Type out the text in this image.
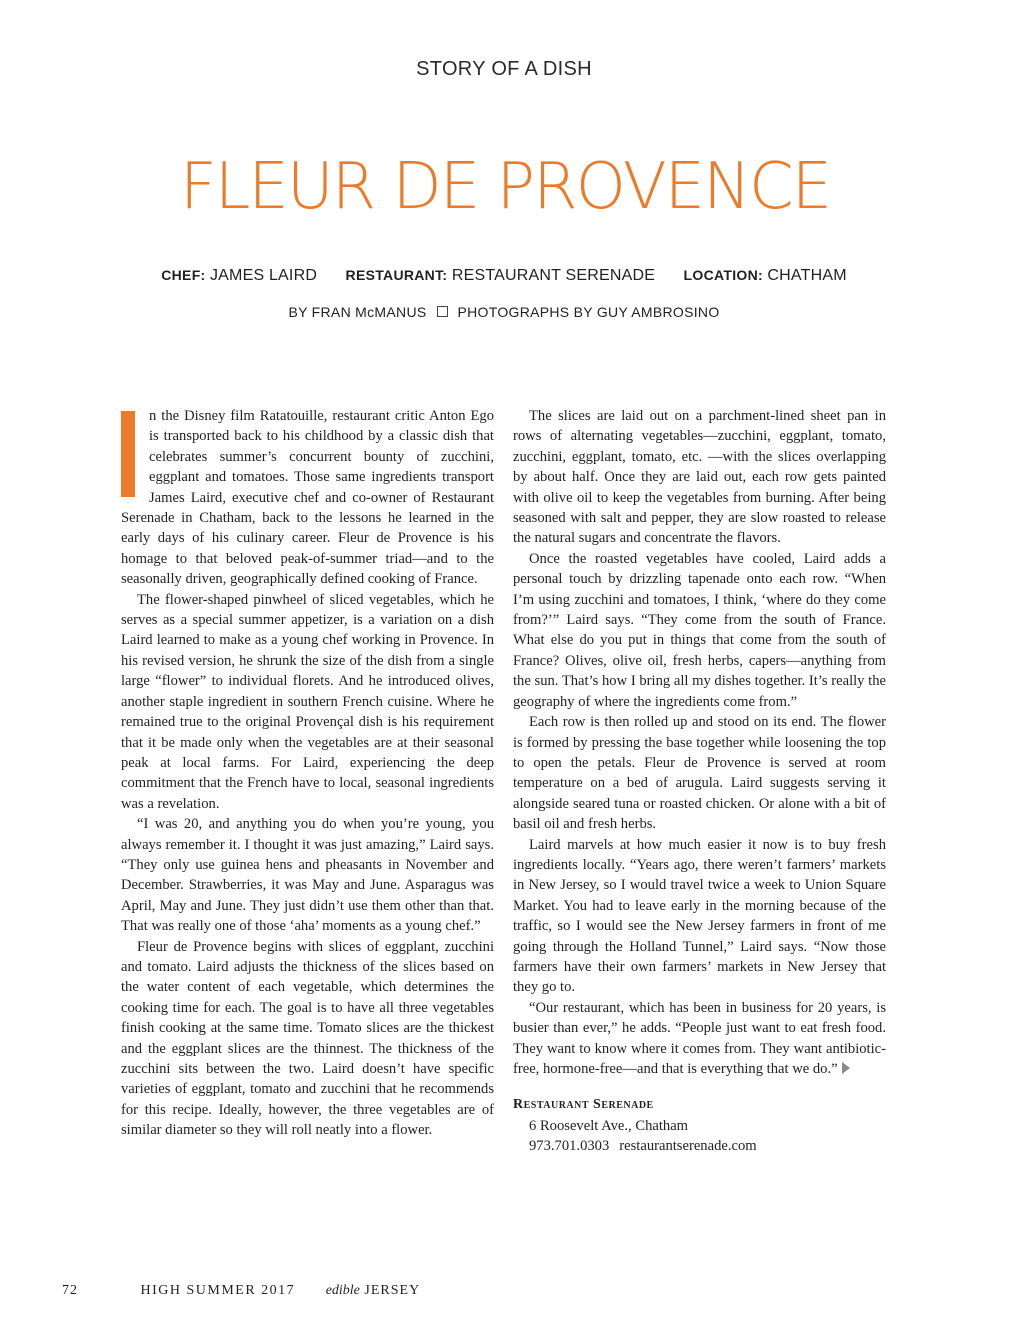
STORY OF A DISH
FLEUR DE PROVENCE
CHEF: JAMES LAIRD RESTAURANT: RESTAURANT SERENADE LOCATION: CHATHAM
BY FRAN McMANUS PHOTOGRAPHS BY GUY AMBROSINO

n the Disney film Ratatouille, restaurant critic Anton Ego is transported back to his childhood by a classic dish that celebrates summer’s concurrent bounty of zucchini, eggplant and tomatoes. Those same ingredients transport James Laird, executive chef and co-owner of Restaurant Serenade in Chatham, back to the lessons he learned in the early days of his culinary career. Fleur de Provence is his homage to that beloved peak-of-summer triad—and to the seasonally driven, geographically defined cooking of France.

The flower-shaped pinwheel of sliced vegetables, which he serves as a special summer appetizer, is a variation on a dish Laird learned to make as a young chef working in Provence. In his revised version, he shrunk the size of the dish from a single large “flower” to individual florets. And he introduced olives, another staple ingredient in southern French cuisine. Where he remained true to the original Provençal dish is his requirement that it be made only when the vegetables are at their seasonal peak at local farms. For Laird, experiencing the deep commitment that the French have to local, seasonal ingredients was a revelation.

“I was 20, and anything you do when you’re young, you always remember it. I thought it was just amazing,” Laird says. “They only use guinea hens and pheasants in November and December. Strawberries, it was May and June. Asparagus was April, May and June. They just didn’t use them other than that. That was really one of those ‘aha’ moments as a young chef.”

Fleur de Provence begins with slices of eggplant, zucchini and tomato. Laird adjusts the thickness of the slices based on the water content of each vegetable, which determines the cooking time for each. The goal is to have all three vegetables finish cooking at the same time. Tomato slices are the thickest and the eggplant slices are the thinnest. The thickness of the zucchini sits between the two. Laird doesn’t have specific varieties of eggplant, tomato and zucchini that he recommends for this recipe. Ideally, however, the three vegetables are of similar diameter so they will roll neatly into a flower.

The slices are laid out on a parchment-lined sheet pan in rows of alternating vegetables—zucchini, eggplant, tomato, zucchini, eggplant, tomato, etc. —with the slices overlapping by about half. Once they are laid out, each row gets painted with olive oil to keep the vegetables from burning. After being seasoned with salt and pepper, they are slow roasted to release the natural sugars and concentrate the flavors.

Once the roasted vegetables have cooled, Laird adds a personal touch by drizzling tapenade onto each row. “When I’m using zucchini and tomatoes, I think, ‘where do they come from?’” Laird says. “They come from the south of France. What else do you put in things that come from the south of France? Olives, olive oil, fresh herbs, capers—anything from the sun. That’s how I bring all my dishes together. It’s really the geography of where the ingredients come from.”

Each row is then rolled up and stood on its end. The flower is formed by pressing the base together while loosening the top to open the petals. Fleur de Provence is served at room temperature on a bed of arugula. Laird suggests serving it alongside seared tuna or roasted chicken. Or alone with a bit of basil oil and fresh herbs.

Laird marvels at how much easier it now is to buy fresh ingredients locally. “Years ago, there weren’t farmers’ markets in New Jersey, so I would travel twice a week to Union Square Market. You had to leave early in the morning because of the traffic, so I would see the New Jersey farmers in front of me going through the Holland Tunnel,” Laird says. “Now those farmers have their own farmers’ markets in New Jersey that they go to.

“Our restaurant, which has been in business for 20 years, is busier than ever,” he adds. “People just want to eat fresh food. They want to know where it comes from. They want antibiotic-free, hormone-free—and that is everything that we do.”

Restaurant Serenade
6 Roosevelt Ave., Chatham
973.701.0303 restaurantserenade.com
72	HIGH SUMMER 2017 edible JERSEY
